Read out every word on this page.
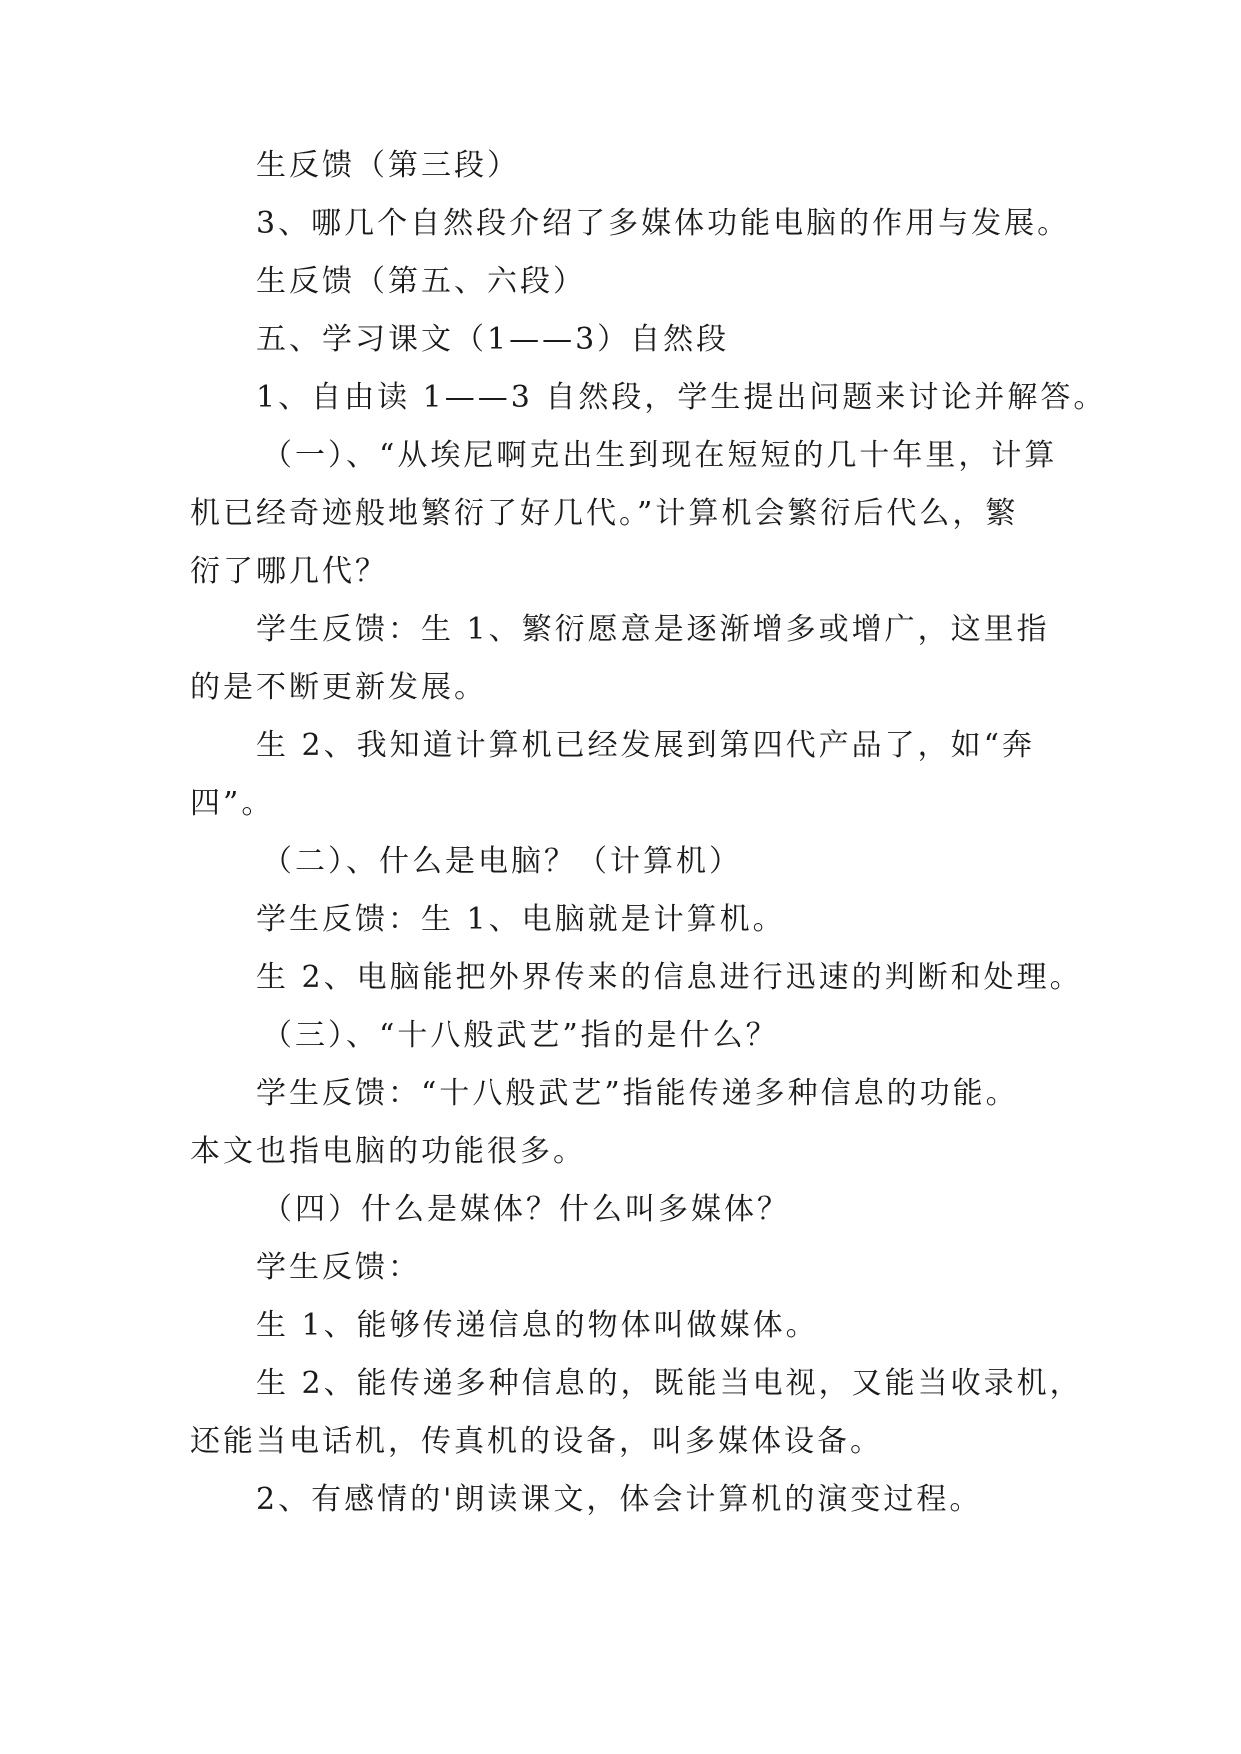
生反馈（第三段）
3、哪几个自然段介绍了多媒体功能电脑的作用与发展。
生反馈（第五、六段）
五、学习课文（1——3）自然段
1、自由读 1——3 自然段，学生提出问题来讨论并解答。
（一）、“从埃尼啊克出生到现在短短的几十年里，计算
机已经奇迹般地繁衍了好几代。”计算机会繁衍后代么，繁
衍了哪几代？
学生反馈：生 1、繁衍愿意是逐渐增多或增广，这里指
的是不断更新发展。
生 2、我知道计算机已经发展到第四代产品了，如“奔
四”。
（二）、什么是电脑？（计算机）
学生反馈：生 1、电脑就是计算机。
生 2、电脑能把外界传来的信息进行迅速的判断和处理。
（三）、“十八般武艺”指的是什么？
学生反馈：“十八般武艺”指能传递多种信息的功能。
本文也指电脑的功能很多。
（四）什么是媒体？什么叫多媒体？
学生反馈：
生 1、能够传递信息的物体叫做媒体。
生 2、能传递多种信息的，既能当电视，又能当收录机，
还能当电话机，传真机的设备，叫多媒体设备。
2、有感情的'朗读课文，体会计算机的演变过程。
